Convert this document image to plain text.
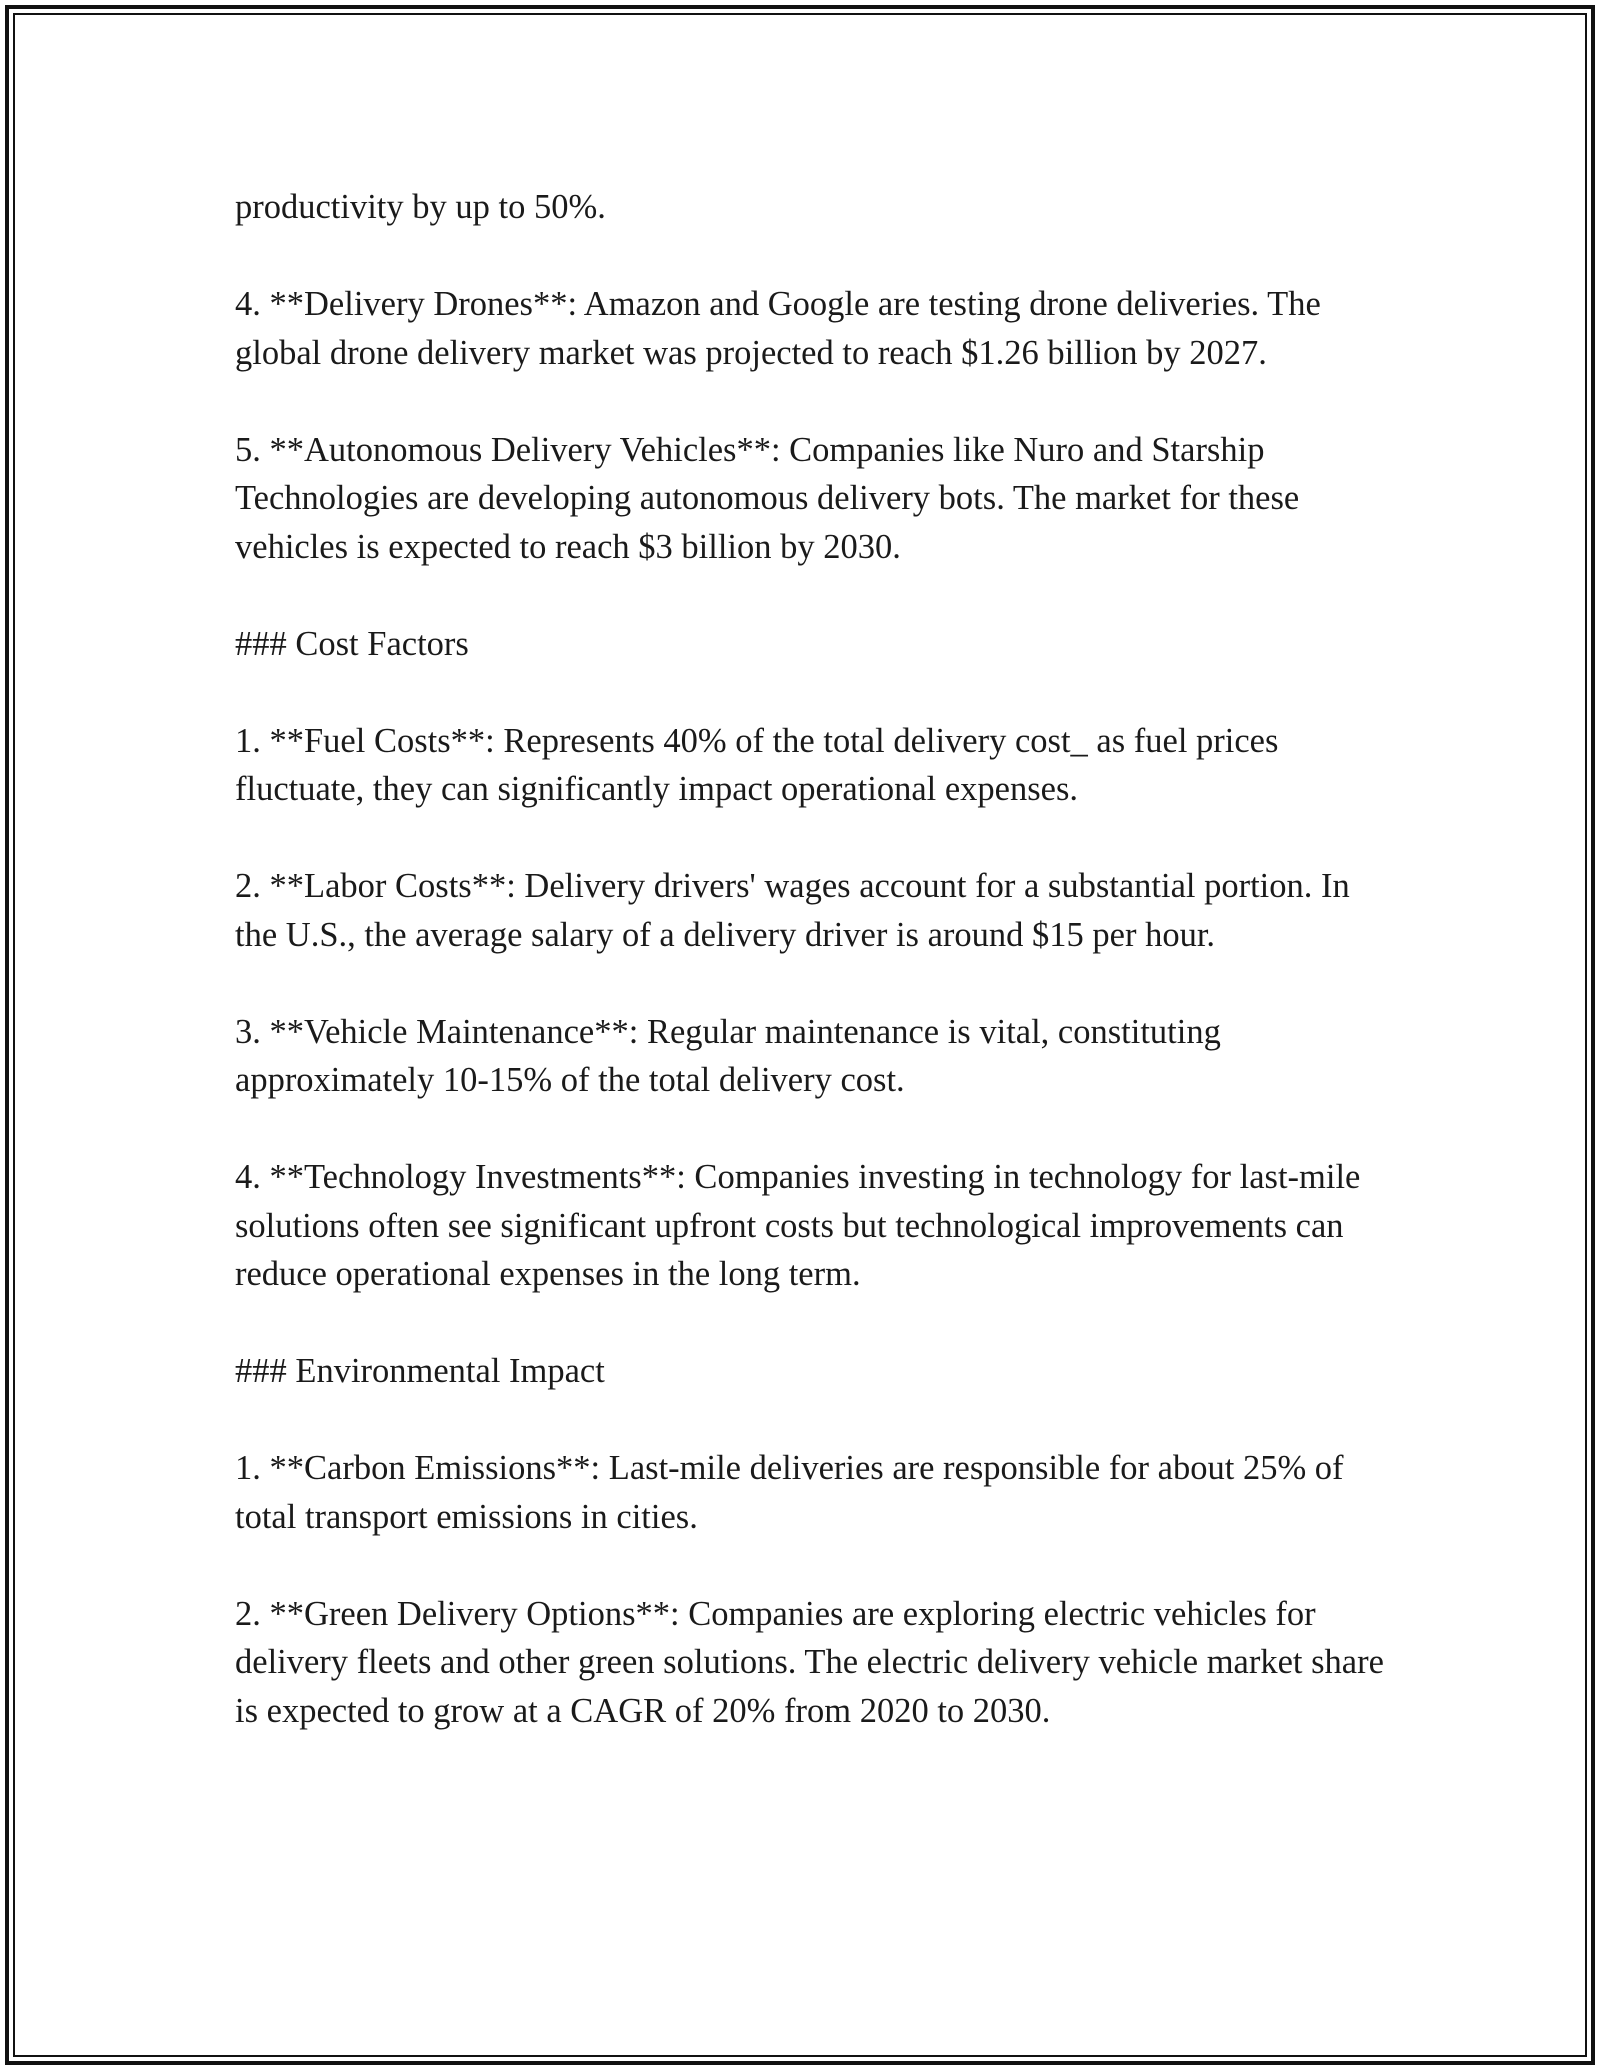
productivity by up to 50%.

4. **Delivery Drones**: Amazon and Google are testing drone deliveries. The global drone delivery market was projected to reach $1.26 billion by 2027.

5. **Autonomous Delivery Vehicles**: Companies like Nuro and Starship Technologies are developing autonomous delivery bots. The market for these vehicles is expected to reach $3 billion by 2030.

### Cost Factors

1. **Fuel Costs**: Represents 40% of the total delivery cost_ as fuel prices fluctuate, they can significantly impact operational expenses.

2. **Labor Costs**: Delivery drivers' wages account for a substantial portion. In the U.S., the average salary of a delivery driver is around $15 per hour.

3. **Vehicle Maintenance**: Regular maintenance is vital, constituting approximately 10-15% of the total delivery cost.

4. **Technology Investments**: Companies investing in technology for last-mile solutions often see significant upfront costs but technological improvements can reduce operational expenses in the long term.

### Environmental Impact

1. **Carbon Emissions**: Last-mile deliveries are responsible for about 25% of total transport emissions in cities.

2. **Green Delivery Options**: Companies are exploring electric vehicles for delivery fleets and other green solutions. The electric delivery vehicle market share is expected to grow at a CAGR of 20% from 2020 to 2030.
